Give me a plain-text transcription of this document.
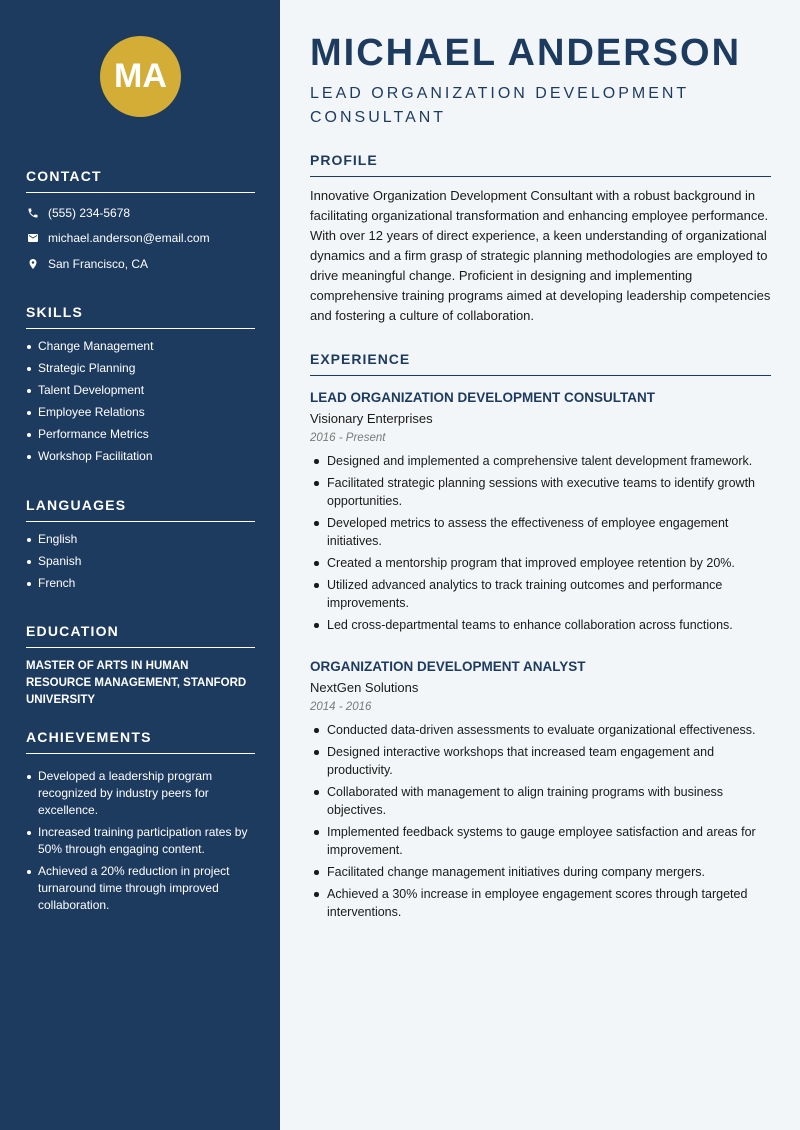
MA
CONTACT
(555) 234-5678
michael.anderson@email.com
San Francisco, CA
SKILLS
Change Management
Strategic Planning
Talent Development
Employee Relations
Performance Metrics
Workshop Facilitation
LANGUAGES
English
Spanish
French
EDUCATION
MASTER OF ARTS IN HUMAN RESOURCE MANAGEMENT, STANFORD UNIVERSITY
ACHIEVEMENTS
Developed a leadership program recognized by industry peers for excellence.
Increased training participation rates by 50% through engaging content.
Achieved a 20% reduction in project turnaround time through improved collaboration.
MICHAEL ANDERSON
LEAD ORGANIZATION DEVELOPMENT CONSULTANT
PROFILE
Innovative Organization Development Consultant with a robust background in facilitating organizational transformation and enhancing employee performance. With over 12 years of direct experience, a keen understanding of organizational dynamics and a firm grasp of strategic planning methodologies are employed to drive meaningful change. Proficient in designing and implementing comprehensive training programs aimed at developing leadership competencies and fostering a culture of collaboration.
EXPERIENCE
LEAD ORGANIZATION DEVELOPMENT CONSULTANT
Visionary Enterprises
2016 - Present
Designed and implemented a comprehensive talent development framework.
Facilitated strategic planning sessions with executive teams to identify growth opportunities.
Developed metrics to assess the effectiveness of employee engagement initiatives.
Created a mentorship program that improved employee retention by 20%.
Utilized advanced analytics to track training outcomes and performance improvements.
Led cross-departmental teams to enhance collaboration across functions.
ORGANIZATION DEVELOPMENT ANALYST
NextGen Solutions
2014 - 2016
Conducted data-driven assessments to evaluate organizational effectiveness.
Designed interactive workshops that increased team engagement and productivity.
Collaborated with management to align training programs with business objectives.
Implemented feedback systems to gauge employee satisfaction and areas for improvement.
Facilitated change management initiatives during company mergers.
Achieved a 30% increase in employee engagement scores through targeted interventions.
